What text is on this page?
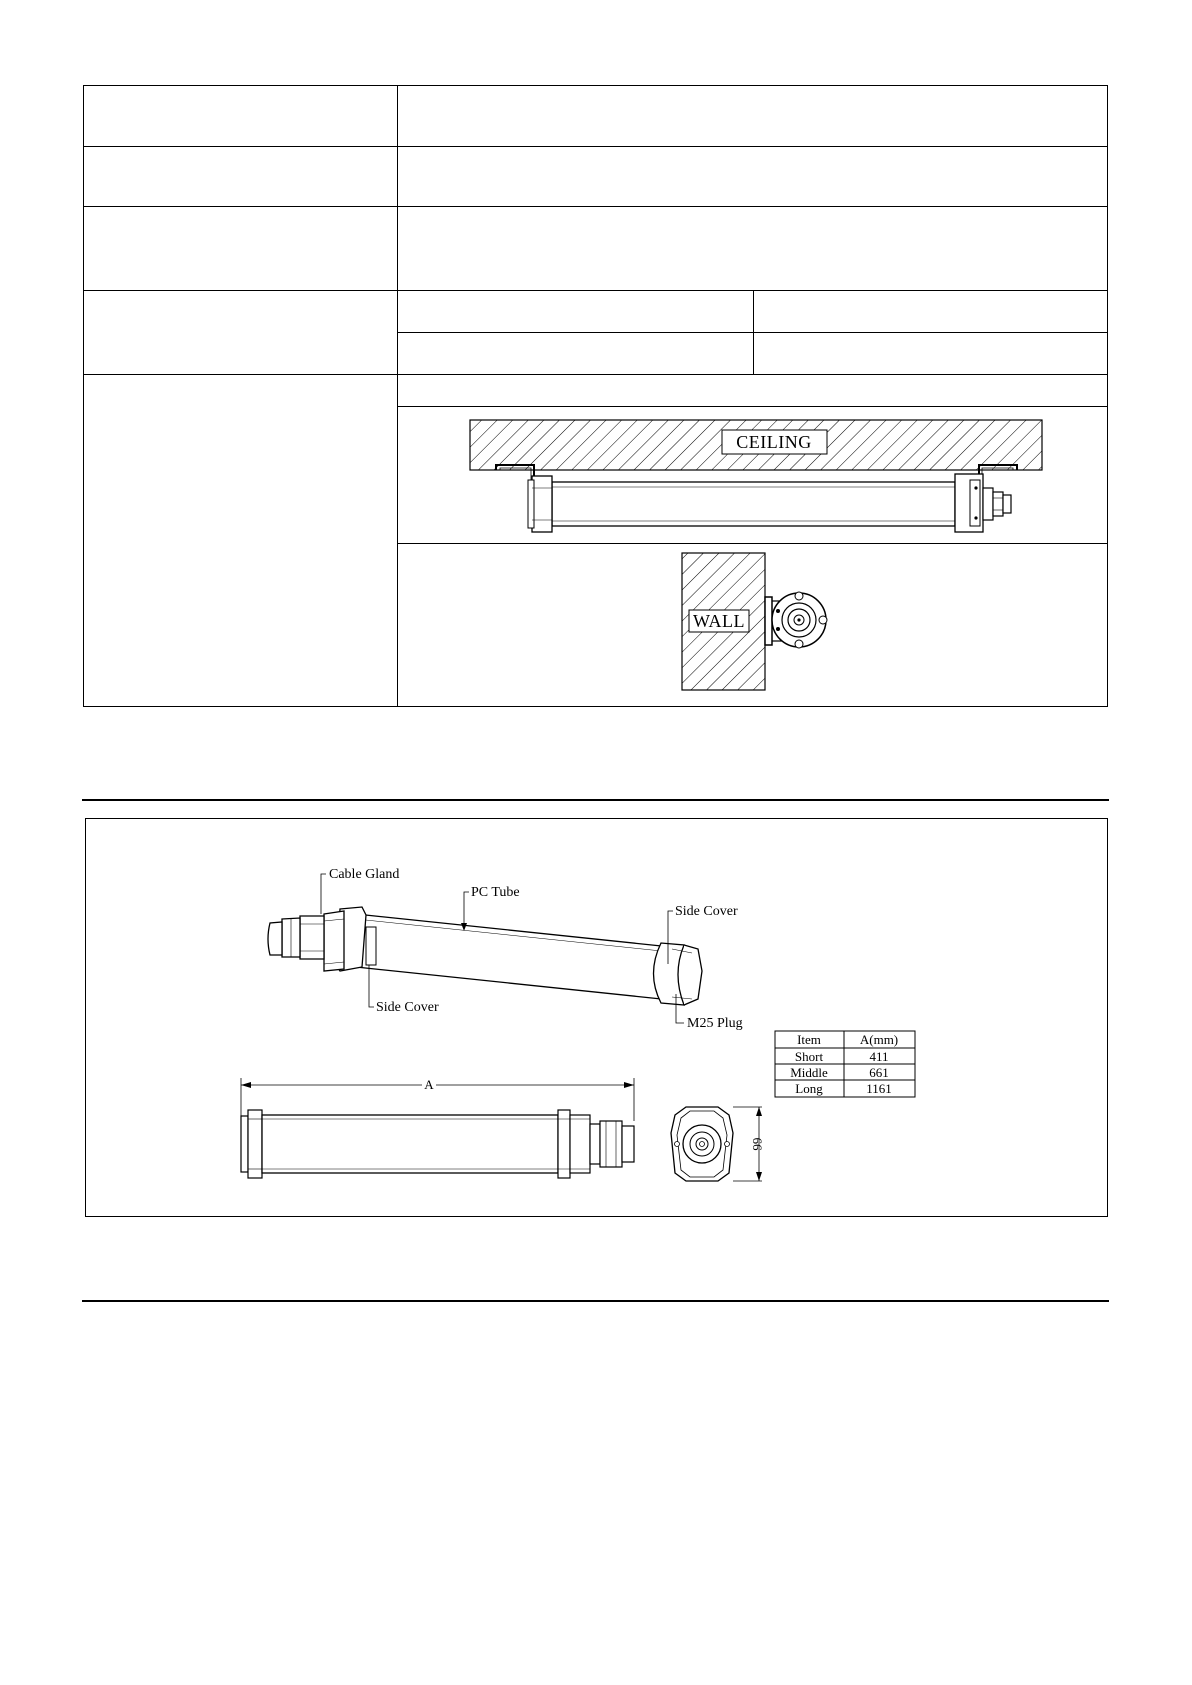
CEILING
WALL
Cable Gland
PC Tube
Side Cover
Side Cover
M25 Plug
Item	A(mm)
Short	411
Middle	661
Long	1161
A
66
